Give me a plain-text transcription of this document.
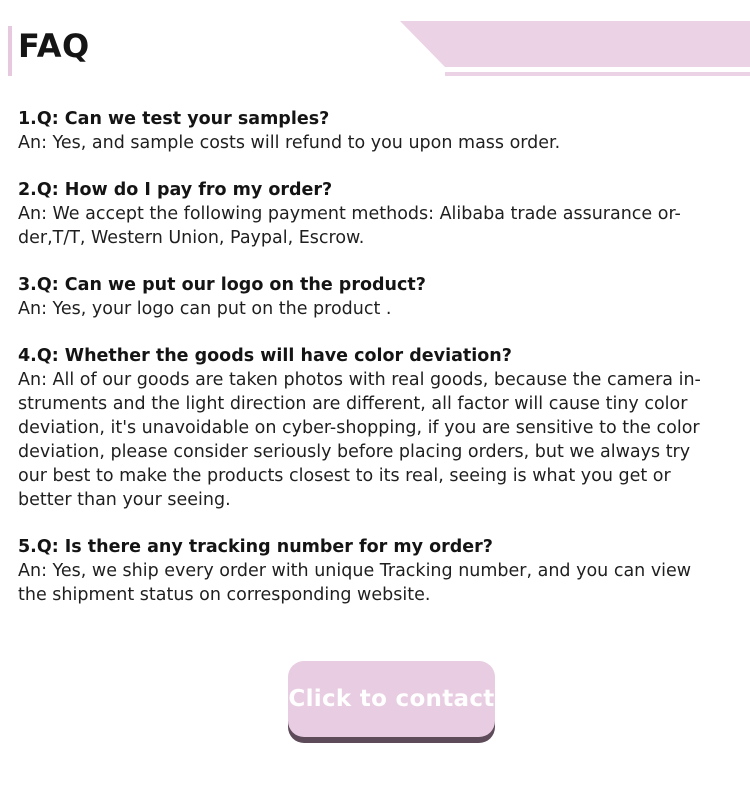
FAQ

1.Q: Can we test your samples?

An: Yes, and sample costs will refund to you upon mass order.

2.Q: How do I pay fro my order?

An: We accept the following payment methods: Alibaba trade assurance or-

der,T/T, Western Union, Paypal, Escrow.

3.Q: Can we put our logo on the product?

An: Yes, your logo can put on the product .

4.Q: Whether the goods will have color deviation?

An: All of our goods are taken photos with real goods, because the camera in-

struments and the light direction are different, all factor will cause tiny color

deviation, it's unavoidable on cyber-shopping, if you are sensitive to the color

deviation, please consider seriously before placing orders, but we always try

our best to make the products closest to its real, seeing is what you get or

better than your seeing.

5.Q: Is there any tracking number for my order?

An: Yes, we ship every order with unique Tracking number, and you can view

the shipment status on corresponding website.

Click to contact
